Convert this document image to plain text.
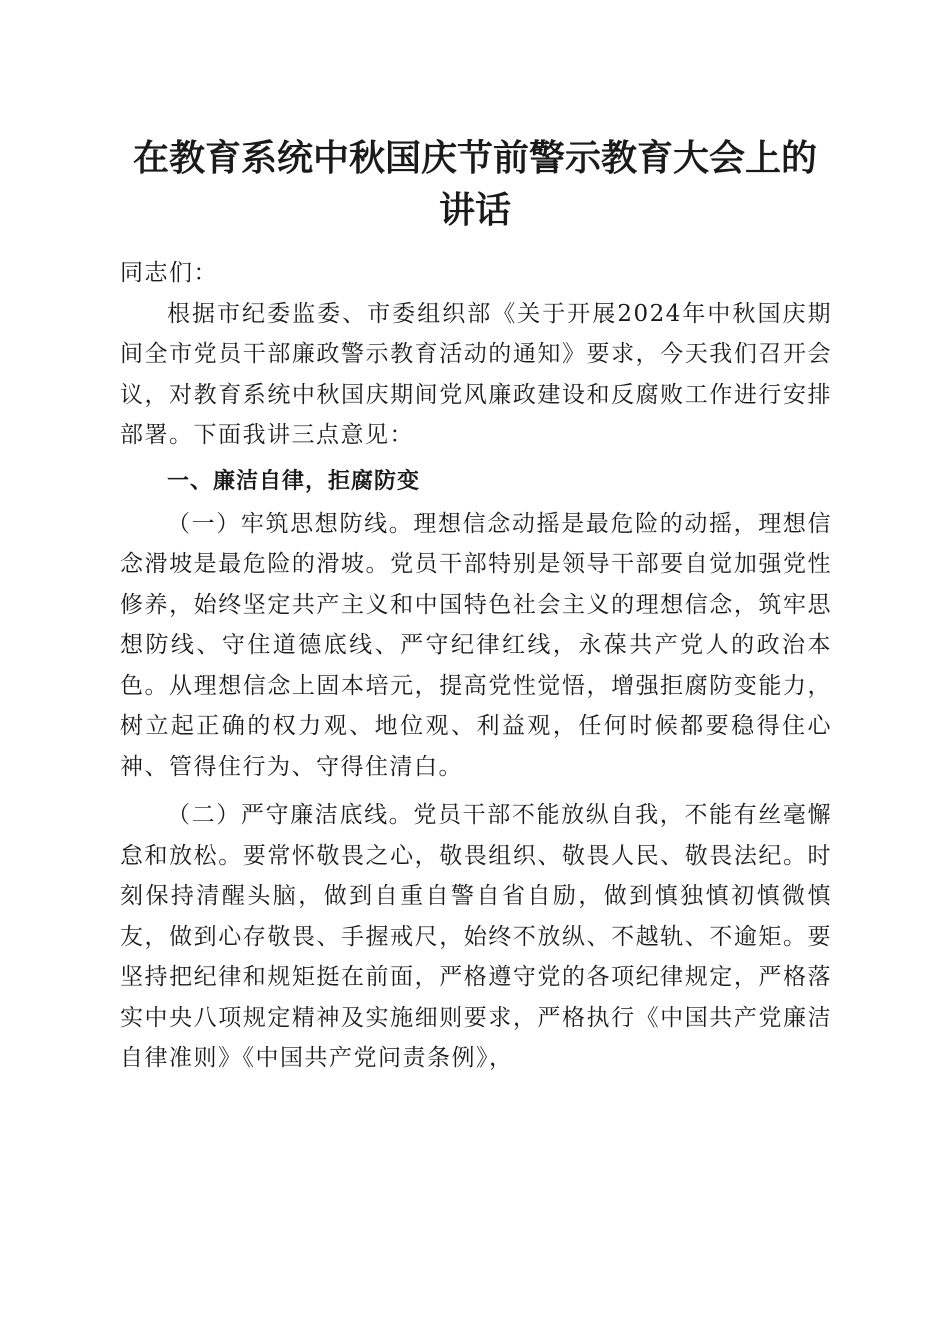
在教育系统中秋国庆节前警示教育大会上的讲话

同志们：

根据市纪委监委、市委组织部《关于开展2024年中秋国庆期间全市党员干部廉政警示教育活动的通知》要求，今天我们召开会议，对教育系统中秋国庆期间党风廉政建设和反腐败工作进行安排部署。下面我讲三点意见：

一、廉洁自律，拒腐防变

（一）牢筑思想防线。理想信念动摇是最危险的动摇，理想信念滑坡是最危险的滑坡。党员干部特别是领导干部要自觉加强党性修养，始终坚定共产主义和中国特色社会主义的理想信念，筑牢思想防线、守住道德底线、严守纪律红线，永葆共产党人的政治本色。从理想信念上固本培元，提高党性觉悟，增强拒腐防变能力，树立起正确的权力观、地位观、利益观，任何时候都要稳得住心神、管得住行为、守得住清白。

（二）严守廉洁底线。党员干部不能放纵自我，不能有丝毫懈怠和放松。要常怀敬畏之心，敬畏组织、敬畏人民、敬畏法纪。时刻保持清醒头脑，做到自重自警自省自励，做到慎独慎初慎微慎友，做到心存敬畏、手握戒尺，始终不放纵、不越轨、不逾矩。要坚持把纪律和规矩挺在前面，严格遵守党的各项纪律规定，严格落实中央八项规定精神及实施细则要求，严格执行《中国共产党廉洁自律准则》《中国共产党问责条例》，
